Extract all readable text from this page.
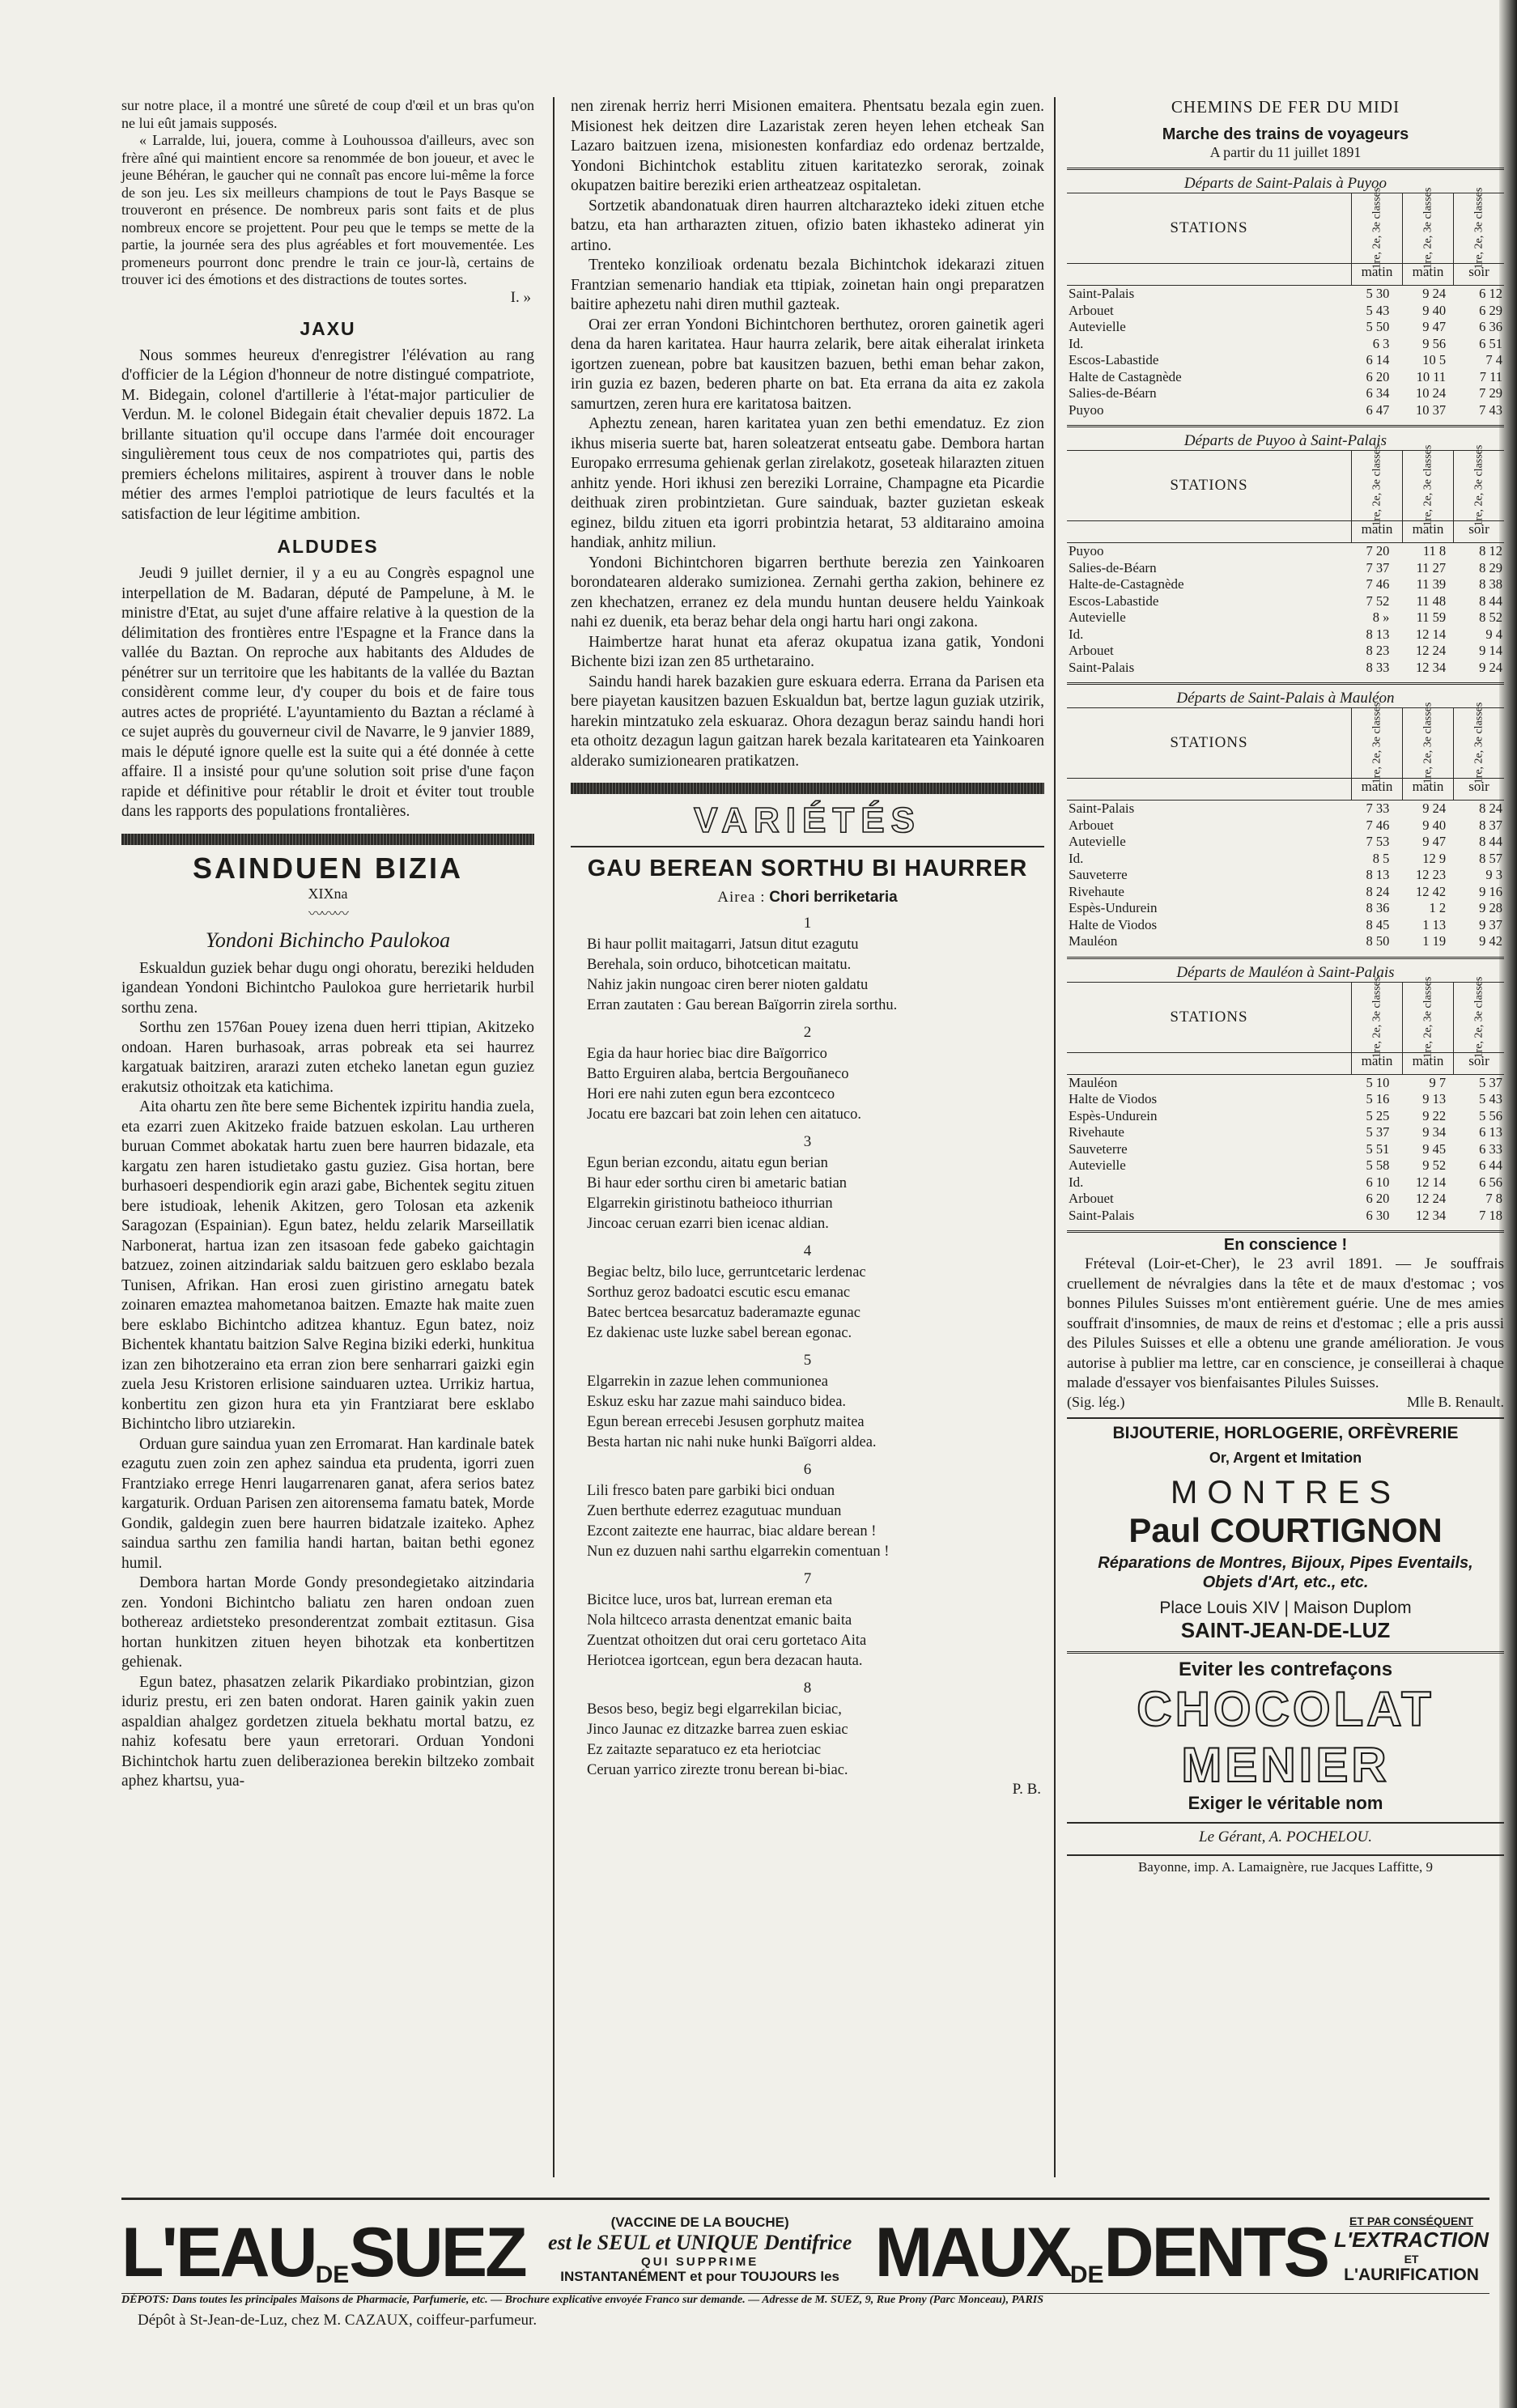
sur notre place, il a montré une sûreté de coup d'œil et un bras qu'on ne lui eût jamais supposés.

« Larralde, lui, jouera, comme à Louhoussoa d'ailleurs, avec son frère aîné qui maintient encore sa renommée de bon joueur, et avec le jeune Béhéran, le gaucher qui ne connaît pas encore lui-même la force de son jeu. Les six meilleurs champions de tout le Pays Basque se trouveront en présence. De nombreux paris sont faits et de plus nombreux encore se projettent. Pour peu que le temps se mette de la partie, la journée sera des plus agréables et fort mouvementée. Les promeneurs pourront donc prendre le train ce jour-là, certains de trouver ici des émotions et des distractions de toutes sortes.

I. »

JAXU

Nous sommes heureux d'enregistrer l'élévation au rang d'officier de la Légion d'honneur de notre distingué compatriote, M. Bidegain, colonel d'artillerie à l'état-major particulier de Verdun. M. le colonel Bidegain était chevalier depuis 1872. La brillante situation qu'il occupe dans l'armée doit encourager singulièrement tous ceux de nos compatriotes qui, partis des premiers échelons militaires, aspirent à trouver dans le noble métier des armes l'emploi patriotique de leurs facultés et la satisfaction de leur légitime ambition.

ALDUDES

Jeudi 9 juillet dernier, il y a eu au Congrès espagnol une interpellation de M. Badaran, député de Pampelune, à M. le ministre d'Etat, au sujet d'une affaire relative à la question de la délimitation des frontières entre l'Espagne et la France dans la vallée du Baztan. On reproche aux habitants des Aldudes de pénétrer sur un territoire que les habitants de la vallée du Baztan considèrent comme leur, d'y couper du bois et de faire tous autres actes de propriété. L'ayuntamiento du Baztan a réclamé à ce sujet auprès du gouverneur civil de Navarre, le 9 janvier 1889, mais le député ignore quelle est la suite qui a été donnée à cette affaire. Il a insisté pour qu'une solution soit prise d'une façon rapide et définitive pour rétablir le droit et éviter tout trouble dans les rapports des populations frontalières.

SAINDUEN BIZIA
XIXna
〰〰〰
Yondoni Bichincho Paulokoa

Eskualdun guziek behar dugu ongi ohoratu, bereziki helduden igandean Yondoni Bichintcho Paulokoa gure herrietarik hurbil sorthu zena.

Sorthu zen 1576an Pouey izena duen herri ttipian, Akitzeko ondoan. Haren burhasoak, arras pobreak eta sei haurrez kargatuak baitziren, ararazi zuten etcheko lanetan egun guziez erakutsiz othoitzak eta katichima.

Aita ohartu zen ñte bere seme Bichentek izpiritu handia zuela, eta ezarri zuen Akitzeko fraide batzuen eskolan. Lau urtheren buruan Commet abokatak hartu zuen bere haurren bidazale, eta kargatu zen haren istudietako gastu guziez. Gisa hortan, bere burhasoeri despendiorik egin arazi gabe, Bichentek segitu zituen bere istudioak, lehenik Akitzen, gero Tolosan eta azkenik Saragozan (Espainian). Egun batez, heldu zelarik Marseillatik Narbonerat, hartua izan zen itsasoan fede gabeko gaichtagin batzuez, zoinen aitzindariak saldu baitzuen gero esklabo bezala Tunisen, Afrikan. Han erosi zuen giristino arnegatu batek zoinaren emaztea mahometanoa baitzen. Emazte hak maite zuen bere esklabo Bichintcho aditzea khantuz. Egun batez, noiz Bichentek khantatu baitzion Salve Regina biziki ederki, hunkitua izan zen bihotzeraino eta erran zion bere senharrari gaizki egin zuela Jesu Kristoren erlisione sainduaren uztea. Urrikiz hartua, konbertitu zen gizon hura eta yin Frantziarat bere esklabo Bichintcho libro utziarekin.

Orduan gure saindua yuan zen Erromarat. Han kardinale batek ezagutu zuen zoin zen aphez saindua eta prudenta, igorri zuen Frantziako errege Henri laugarrenaren ganat, afera serios batez kargaturik. Orduan Parisen zen aitorensema famatu batek, Morde Gondik, galdegin zuen bere haurren bidatzale izaiteko. Aphez saindua sarthu zen familia handi hartan, baitan bethi egonez humil.

Dembora hartan Morde Gondy presondegietako aitzindaria zen. Yondoni Bichintcho baliatu zen haren ondoan zuen bothereaz ardietsteko presonderentzat zombait eztitasun. Gisa hortan hunkitzen zituen heyen bihotzak eta konbertitzen gehienak.

Egun batez, phasatzen zelarik Pikardiako probintzian, gizon iduriz prestu, eri zen baten ondorat. Haren gainik yakin zuen aspaldian ahalgez gordetzen zituela bekhatu mortal batzu, ez nahiz kofesatu bere yaun erretorari. Orduan Yondoni Bichintchok hartu zuen deliberazionea berekin biltzeko zombait aphez khartsu, yua-

nen zirenak herriz herri Misionen emaitera. Phentsatu bezala egin zuen. Misionest hek deitzen dire Lazaristak zeren heyen lehen etcheak San Lazaro baitzuen izena, misionesten konfardiaz edo ordenaz bertzalde, Yondoni Bichintchok establitu zituen karitatezko serorak, zoinak okupatzen baitire bereziki erien artheatzeaz ospitaletan.

Sortzetik abandonatuak diren haurren altcharazteko ideki zituen etche batzu, eta han artharazten zituen, ofizio baten ikhasteko adinerat yin artino.

Trenteko konzilioak ordenatu bezala Bichintchok idekarazi zituen Frantzian semenario handiak eta ttipiak, zoinetan hain ongi preparatzen baitire aphezetu nahi diren muthil gazteak.

Orai zer erran Yondoni Bichintchoren berthutez, ororen gainetik ageri dena da haren karitatea. Haur haurra zelarik, bere aitak eiheralat irinketa igortzen zuenean, pobre bat kausitzen bazuen, bethi eman behar zakon, irin guzia ez bazen, bederen pharte on bat. Eta errana da aita ez zakola samurtzen, zeren hura ere karitatosa baitzen.

Apheztu zenean, haren karitatea yuan zen bethi emendatuz. Ez zion ikhus miseria suerte bat, haren soleatzerat entseatu gabe. Dembora hartan Europako errresuma gehienak gerlan zirelakotz, goseteak hilarazten zituen anhitz yende. Hori ikhusi zen bereziki Lorraine, Champagne eta Picardie deithuak ziren probintzietan. Gure sainduak, bazter guzietan eskeak eginez, bildu zituen eta igorri probintzia hetarat, 53 alditaraino amoina handiak, anhitz miliun.

Yondoni Bichintchoren bigarren berthute berezia zen Yainkoaren borondatearen alderako sumizionea. Zernahi gertha zakion, behinere ez zen khechatzen, erranez ez dela mundu huntan deusere heldu Yainkoak nahi ez duenik, eta beraz behar dela ongi hartu hari ongi zakona.

Haimbertze harat hunat eta aferaz okupatua izana gatik, Yondoni Bichente bizi izan zen 85 urthetaraino.

Saindu handi harek bazakien gure eskuara ederra. Errana da Parisen eta bere piayetan kausitzen bazuen Eskualdun bat, bertze lagun guziak utzirik, harekin mintzatuko zela eskuaraz. Ohora dezagun beraz saindu handi hori eta othoitz dezagun lagun gaitzan harek bezala karitatearen eta Yainkoaren alderako sumizionearen pratikatzen.

VARIÉTÉS
GAU BEREAN SORTHU BI HAURRER
Airea : Chori berriketaria
1
Bi haur pollit maitagarri, Jatsun ditut ezagutu
Berehala, soin orduco, bihotcetican maitatu.
Nahiz jakin nungoac ciren berer nioten galdatu
Erran zautaten : Gau berean Baïgorrin zirela sorthu.
2
Egia da haur horiec biac dire Baïgorrico
Batto Erguiren alaba, bertcia Bergouñaneco
Hori ere nahi zuten egun bera ezcontceco
Jocatu ere bazcari bat zoin lehen cen aitatuco.
3
Egun berian ezcondu, aitatu egun berian
Bi haur eder sorthu ciren bi ametaric batian
Elgarrekin giristinotu batheioco ithurrian
Jincoac ceruan ezarri bien icenac aldian.
4
Begiac beltz, bilo luce, gerruntcetaric lerdenac
Sorthuz geroz badoatci escutic escu emanac
Batec bertcea besarcatuz baderamazte egunac
Ez dakienac uste luzke sabel berean egonac.
5
Elgarrekin in zazue lehen communionea
Eskuz esku har zazue mahi sainduco bidea.
Egun berean errecebi Jesusen gorphutz maitea
Besta hartan nic nahi nuke hunki Baïgorri aldea.
6
Lili fresco baten pare garbiki bici onduan
Zuen berthute ederrez ezagutuac munduan
Ezcont zaitezte ene haurrac, biac aldare berean !
Nun ez duzuen nahi sarthu elgarrekin comentuan !
7
Bicitce luce, uros bat, lurrean ereman eta
Nola hiltceco arrasta denentzat emanic baita
Zuentzat othoitzen dut orai ceru gortetaco Aita
Heriotcea igortcean, egun bera dezacan hauta.
8
Besos beso, begiz begi elgarrekilan biciac,
Jinco Jaunac ez ditzazke barrea zuen eskiac
Ez zaitazte separatuco ez eta heriotciac
Ceruan yarrico zirezte tronu berean bi-biac.

P. B.

CHEMINS DE FER DU MIDI
Marche des trains de voyageurs
A partir du 11 juillet 1891
Départs de Saint-Palais à Puyoo
STATIONS	1re, 2e, 3e classes	1re, 2e, 3e classes	1re, 2e, 3e classes
matin	matin	soir
Saint-Palais	5 30	9 24	6 12
Arbouet	5 43	9 40	6 29
Autevielle	5 50	9 47	6 36
Id.	6 3	9 56	6 51
Escos-Labastide	6 14	10 5	7 4
Halte de Castagnède	6 20	10 11	7 11
Salies-de-Béarn	6 34	10 24	7 29
Puyoo	6 47	10 37	7 43
Départs de Puyoo à Saint-Palais
STATIONS	1re, 2e, 3e classes	1re, 2e, 3e classes	1re, 2e, 3e classes
matin	matin	soir
Puyoo	7 20	11 8	8 12
Salies-de-Béarn	7 37	11 27	8 29
Halte-de-Castagnède	7 46	11 39	8 38
Escos-Labastide	7 52	11 48	8 44
Autevielle	8 »	11 59	8 52
Id.	8 13	12 14	9 4
Arbouet	8 23	12 24	9 14
Saint-Palais	8 33	12 34	9 24
Départs de Saint-Palais à Mauléon
STATIONS	1re, 2e, 3e classes	1re, 2e, 3e classes	1re, 2e, 3e classes
matin	matin	soir
Saint-Palais	7 33	9 24	8 24
Arbouet	7 46	9 40	8 37
Autevielle	7 53	9 47	8 44
Id.	8 5	12 9	8 57
Sauveterre	8 13	12 23	9 3
Rivehaute	8 24	12 42	9 16
Espès-Undurein	8 36	1 2	9 28
Halte de Viodos	8 45	1 13	9 37
Mauléon	8 50	1 19	9 42
Départs de Mauléon à Saint-Palais
STATIONS	1re, 2e, 3e classes	1re, 2e, 3e classes	1re, 2e, 3e classes
matin	matin	soir
Mauléon	5 10	9 7	5 37
Halte de Viodos	5 16	9 13	5 43
Espès-Undurein	5 25	9 22	5 56
Rivehaute	5 37	9 34	6 13
Sauveterre	5 51	9 45	6 33
Autevielle	5 58	9 52	6 44
Id.	6 10	12 14	6 56
Arbouet	6 20	12 24	7 8
Saint-Palais	6 30	12 34	7 18
En conscience !

Fréteval (Loir-et-Cher), le 23 avril 1891. — Je souffrais cruellement de névralgies dans la tête et de maux d'estomac ; vos bonnes Pilules Suisses m'ont entièrement guérie. Une de mes amies souffrait d'insomnies, de maux de reins et d'estomac ; elle a pris aussi des Pilules Suisses et elle a obtenu une grande amélioration. Je vous autorise à publier ma lettre, car en conscience, je conseillerai à chaque malade d'essayer vos bienfaisantes Pilules Suisses.

(Sig. lég.)	Mlle B. Renault.
BIJOUTERIE, HORLOGERIE, ORFÈVRERIE
Or, Argent et Imitation
MONTRES
Paul COURTIGNON
Réparations de Montres, Bijoux, Pipes Eventails, Objets d'Art, etc., etc.
Place Louis XIV | Maison Duplom
SAINT-JEAN-DE-LUZ
Eviter les contrefaçons
CHOCOLAT
MENIER
Exiger le véritable nom
Le Gérant, A. POCHELOU.
Bayonne, imp. A. Lamaignère, rue Jacques Laffitte, 9
L'EAU DE SUEZ	(VACCINE DE LA BOUCHE)
est le SEUL et UNIQUE Dentifrice
QUI SUPPRIME
INSTANTANÉMENT et pour TOUJOURS les MAUX DE DENTS	ET PAR CONSÉQUENT
L'EXTRACTION
ET
L'AURIFICATION
DÉPOTS: Dans toutes les principales Maisons de Pharmacie, Parfumerie, etc. — Brochure explicative envoyée Franco sur demande. — Adresse de M. SUEZ, 9, Rue Prony (Parc Monceau), PARIS
Dépôt à St-Jean-de-Luz, chez M. CAZAUX, coiffeur-parfumeur.
